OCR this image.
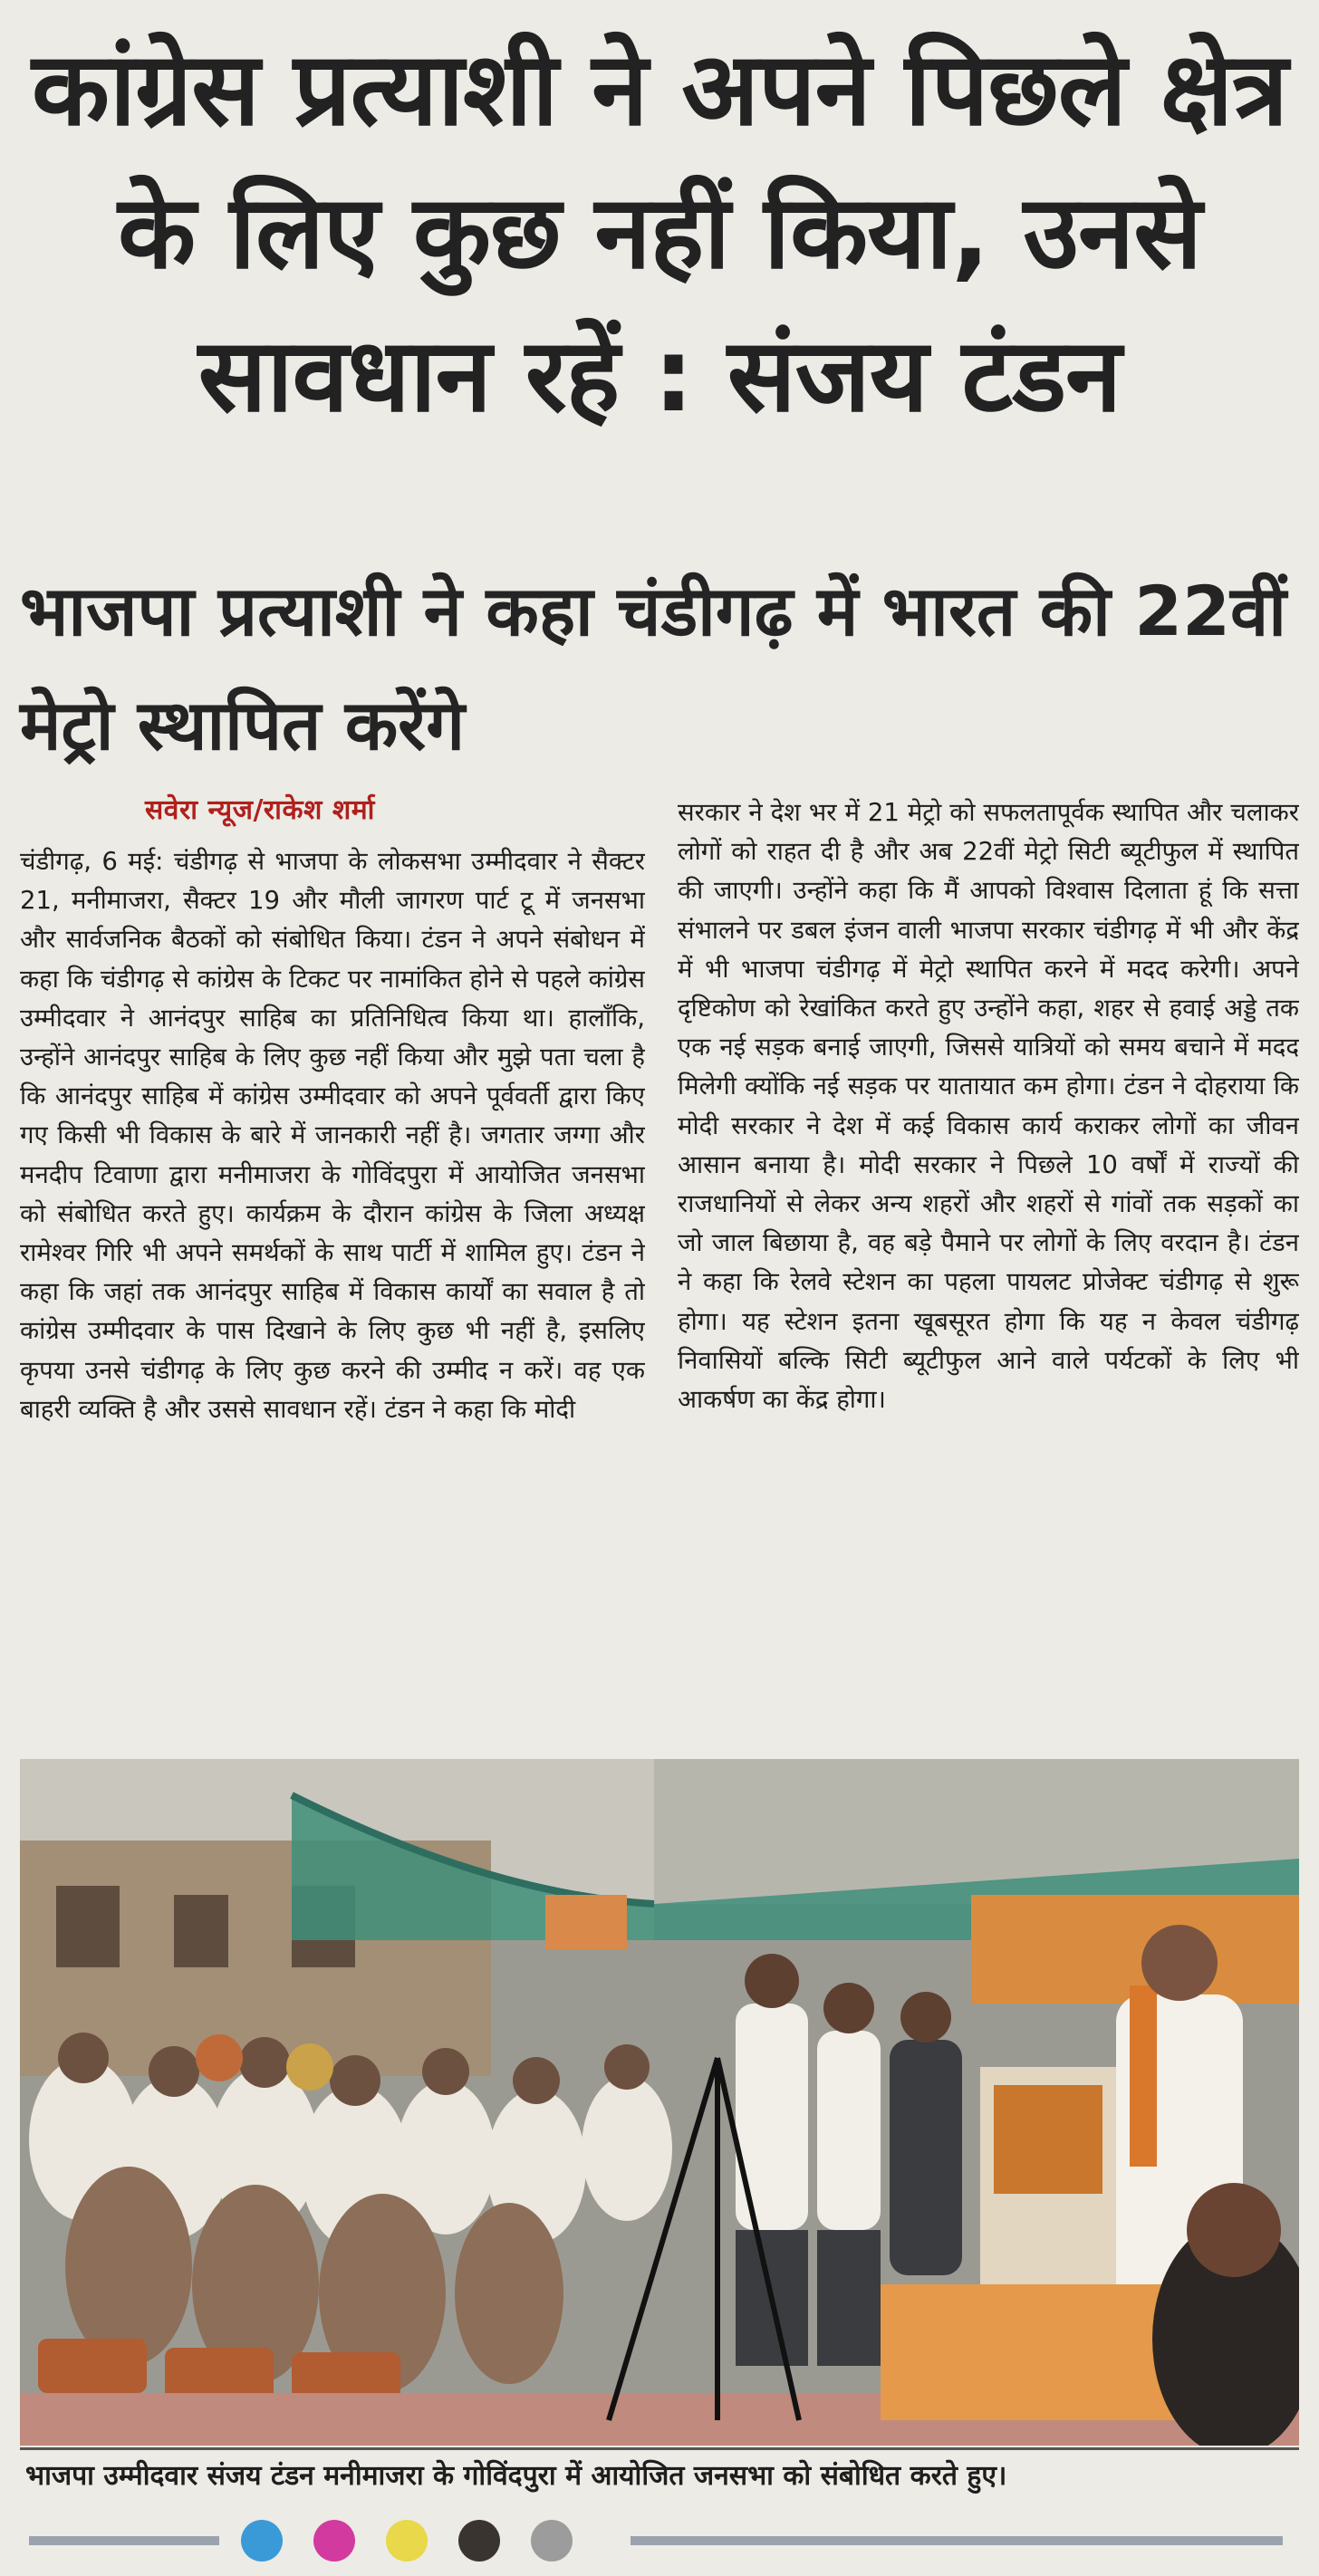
कांग्रेस प्रत्याशी ने अपने पिछले क्षेत्र के लिए कुछ नहीं किया, उनसे सावधान रहें : संजय टंडन
भाजपा प्रत्याशी ने कहा चंडीगढ़ में भारत की 22वीं मेट्रो स्थापित करेंगे
सवेरा न्यूज/राकेश शर्मा

चंडीगढ़, 6 मई: चंडीगढ़ से भाजपा के लोकसभा उम्मीदवार ने सैक्टर 21, मनीमाजरा, सैक्टर 19 और मौली जागरण पार्ट टू में जनसभा और सार्वजनिक बैठकों को संबोधित किया। टंडन ने अपने संबोधन में कहा कि चंडीगढ़ से कांग्रेस के टिकट पर नामांकित होने से पहले कांग्रेस उम्मीदवार ने आनंदपुर साहिब का प्रतिनिधित्व किया था। हालाँकि, उन्होंने आनंदपुर साहिब के लिए कुछ नहीं किया और मुझे पता चला है कि आनंदपुर साहिब में कांग्रेस उम्मीदवार को अपने पूर्ववर्ती द्वारा किए गए किसी भी विकास के बारे में जानकारी नहीं है। जगतार जग्गा और मनदीप टिवाणा द्वारा मनीमाजरा के गोविंदपुरा में आयोजित जनसभा को संबोधित करते हुए। कार्यक्रम के दौरान कांग्रेस के जिला अध्यक्ष रामेश्वर गिरि भी अपने समर्थकों के साथ पार्टी में शामिल हुए। टंडन ने कहा कि जहां तक आनंदपुर साहिब में विकास कार्यों का सवाल है तो कांग्रेस उम्मीदवार के पास दिखाने के लिए कुछ भी नहीं है, इसलिए कृपया उनसे चंडीगढ़ के लिए कुछ करने की उम्मीद न करें। वह एक बाहरी व्यक्ति है और उससे सावधान रहें। टंडन ने कहा कि मोदी

सरकार ने देश भर में 21 मेट्रो को सफलतापूर्वक स्थापित और चलाकर लोगों को राहत दी है और अब 22वीं मेट्रो सिटी ब्यूटीफुल में स्थापित की जाएगी। उन्होंने कहा कि मैं आपको विश्वास दिलाता हूं कि सत्ता संभालने पर डबल इंजन वाली भाजपा सरकार चंडीगढ़ में भी और केंद्र में भी भाजपा चंडीगढ़ में मेट्रो स्थापित करने में मदद करेगी। अपने दृष्टिकोण को रेखांकित करते हुए उन्होंने कहा, शहर से हवाई अड्डे तक एक नई सड़क बनाई जाएगी, जिससे यात्रियों को समय बचाने में मदद मिलेगी क्योंकि नई सड़क पर यातायात कम होगा। टंडन ने दोहराया कि मोदी सरकार ने देश में कई विकास कार्य कराकर लोगों का जीवन आसान बनाया है। मोदी सरकार ने पिछले 10 वर्षों में राज्यों की राजधानियों से लेकर अन्य शहरों और शहरों से गांवों तक सड़कों का जो जाल बिछाया है, वह बड़े पैमाने पर लोगों के लिए वरदान है। टंडन ने कहा कि रेलवे स्टेशन का पहला पायलट प्रोजेक्ट चंडीगढ़ से शुरू होगा। यह स्टेशन इतना खूबसूरत होगा कि यह न केवल चंडीगढ़ निवासियों बल्कि सिटी ब्यूटीफुल आने वाले पर्यटकों के लिए भी आकर्षण का केंद्र होगा।

भाजपा उम्मीदवार संजय टंडन मनीमाजरा के गोविंदपुरा में आयोजित जनसभा को संबोधित करते हुए।
